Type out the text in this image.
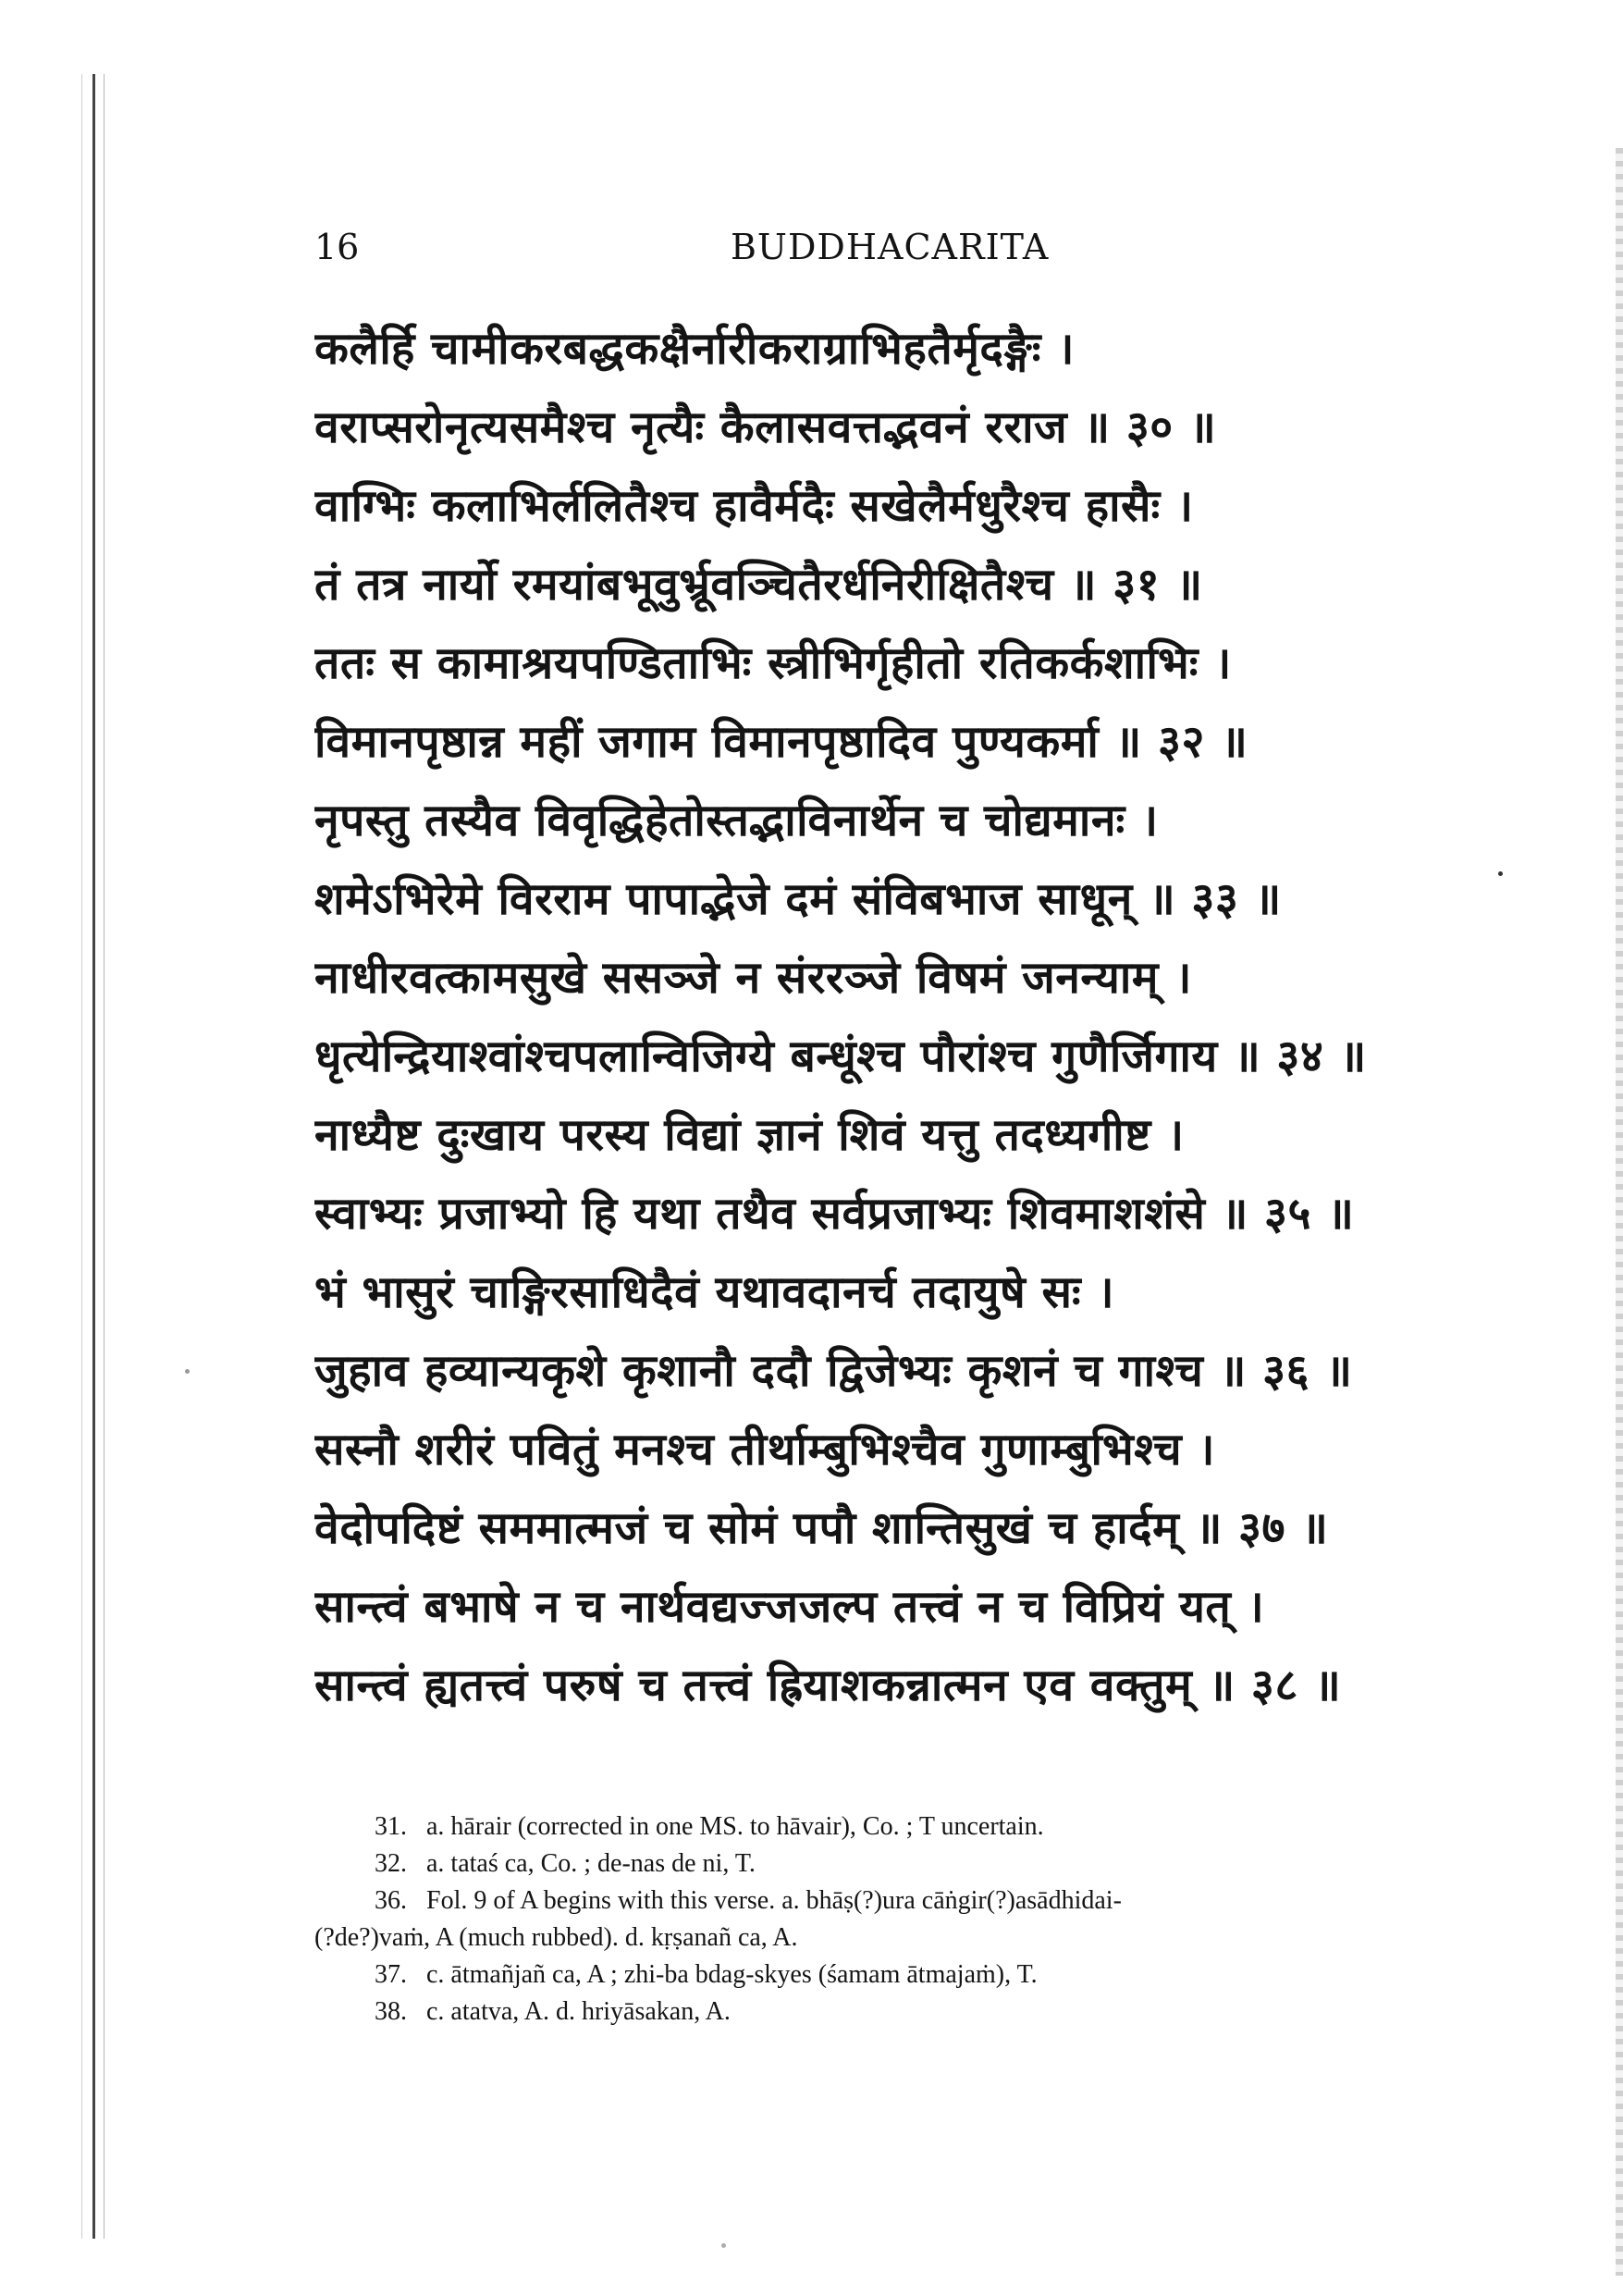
16	BUDDHACARITA
कलैर्हि चामीकरबद्धकक्षैर्नारीकराग्राभिहतैर्मृदङ्गैः ।
वराप्सरोनृत्यसमैश्च नृत्यैः कैलासवत्तद्भवनं रराज ॥ ३० ॥
वाग्भिः कलाभिर्ललितैश्च हावैर्मदैः सखेलैर्मधुरैश्च हासैः ।
तं तत्र नार्यो रमयांबभूवुर्भ्रूवञ्चितैरर्धनिरीक्षितैश्च ॥ ३१ ॥
ततः स कामाश्रयपण्डिताभिः स्त्रीभिर्गृहीतो रतिकर्कशाभिः ।
विमानपृष्ठान्न महीं जगाम विमानपृष्ठादिव पुण्यकर्मा ॥ ३२ ॥
नृपस्तु तस्यैव विवृद्धिहेतोस्तद्भाविनार्थेन च चोद्यमानः ।
शमेऽभिरेमे विरराम पापाद्भेजे दमं संविबभाज साधून् ॥ ३३ ॥
नाधीरवत्कामसुखे ससञ्जे न संररञ्जे विषमं जनन्याम् ।
धृत्येन्द्रियाश्वांश्चपलान्विजिग्ये बन्धूंश्च पौरांश्च गुणैर्जिगाय ॥ ३४ ॥
नाध्यैष्ट दुःखाय परस्य विद्यां ज्ञानं शिवं यत्तु तदध्यगीष्ट ।
स्वाभ्यः प्रजाभ्यो हि यथा तथैव सर्वप्रजाभ्यः शिवमाशशंसे ॥ ३५ ॥
भं भासुरं चाङ्गिरसाधिदैवं यथावदानर्च तदायुषे सः ।
जुहाव हव्यान्यकृशे कृशानौ ददौ द्विजेभ्यः कृशनं च गाश्च ॥ ३६ ॥
सस्नौ शरीरं पवितुं मनश्च तीर्थाम्बुभिश्चैव गुणाम्बुभिश्च ।
वेदोपदिष्टं सममात्मजं च सोमं पपौ शान्तिसुखं च हार्दम् ॥ ३७ ॥
सान्त्वं बभाषे न च नार्थवद्यज्जजल्प तत्त्वं न च विप्रियं यत् ।
सान्त्वं ह्यतत्त्वं परुषं च तत्त्वं ह्रियाशकन्नात्मन एव वक्तुम् ॥ ३८ ॥

31. a. hārair (corrected in one MS. to hāvair), Co. ; T uncertain.

32. a. tataś ca, Co. ; de-nas de ni, T.

36. Fol. 9 of A begins with this verse. a. bhāṣ(?)ura cāṅgir(?)asādhidai-

(?de?)vaṁ, A (much rubbed). d. kṛṣanañ ca, A.

37. c. ātmañjañ ca, A ; zhi-ba bdag-skyes (śamam ātmajaṁ), T.

38. c. atatva, A. d. hriyāsakan, A.
